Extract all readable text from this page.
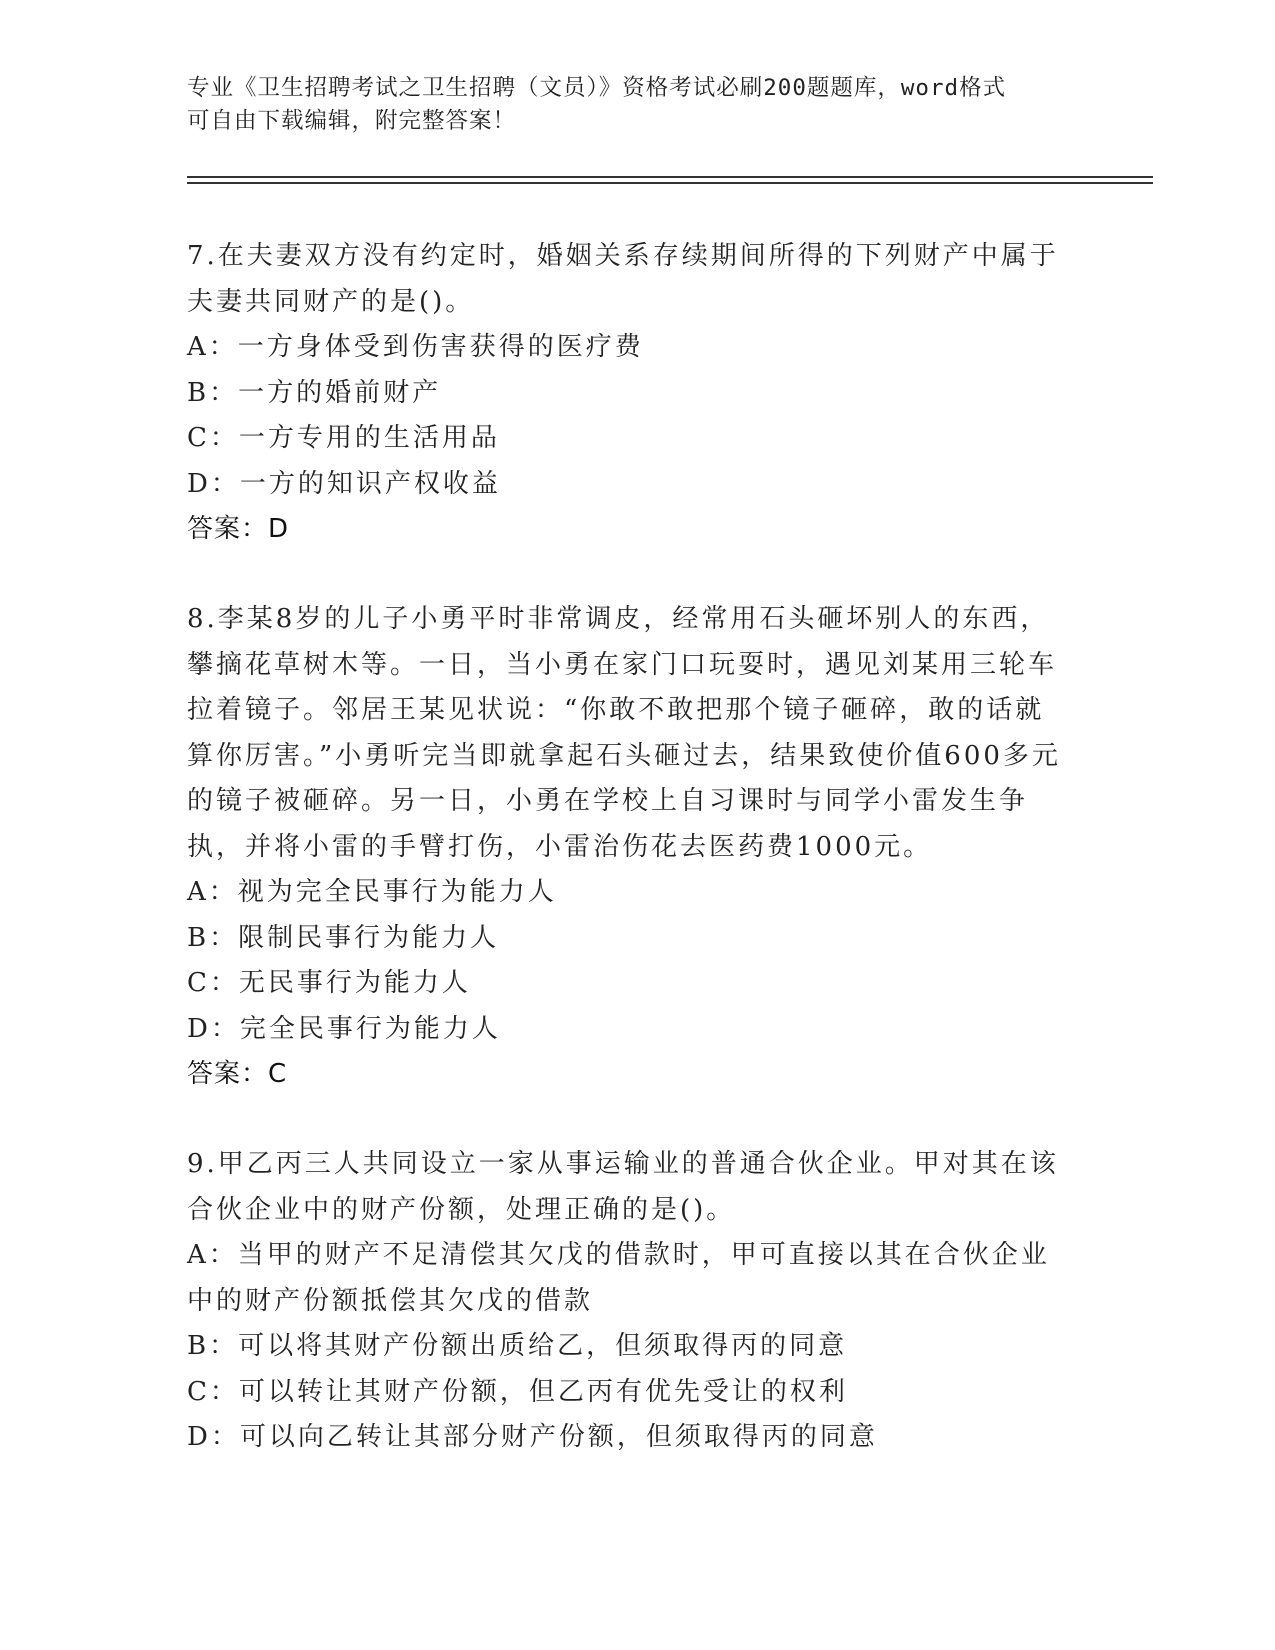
专业《卫生招聘考试之卫生招聘（文员）》资格考试必刷200题题库，word格式
可自由下载编辑，附完整答案！
7.在夫妻双方没有约定时，婚姻关系存续期间所得的下列财产中属于夫妻共同财产的是()。
A：一方身体受到伤害获得的医疗费
B：一方的婚前财产
C：一方专用的生活用品
D：一方的知识产权收益
答案：D
8.李某8岁的儿子小勇平时非常调皮，经常用石头砸坏别人的东西，攀摘花草树木等。一日，当小勇在家门口玩耍时，遇见刘某用三轮车拉着镜子。邻居王某见状说：“你敢不敢把那个镜子砸碎，敢的话就算你厉害。”小勇听完当即就拿起石头砸过去，结果致使价值600多元的镜子被砸碎。另一日，小勇在学校上自习课时与同学小雷发生争执，并将小雷的手臂打伤，小雷治伤花去医药费1000元。
A：视为完全民事行为能力人
B：限制民事行为能力人
C：无民事行为能力人
D：完全民事行为能力人
答案：C
9.甲乙丙三人共同设立一家从事运输业的普通合伙企业。甲对其在该合伙企业中的财产份额，处理正确的是()。
A：当甲的财产不足清偿其欠戊的借款时，甲可直接以其在合伙企业中的财产份额抵偿其欠戊的借款
B：可以将其财产份额出质给乙，但须取得丙的同意
C：可以转让其财产份额，但乙丙有优先受让的权利
D：可以向乙转让其部分财产份额，但须取得丙的同意
